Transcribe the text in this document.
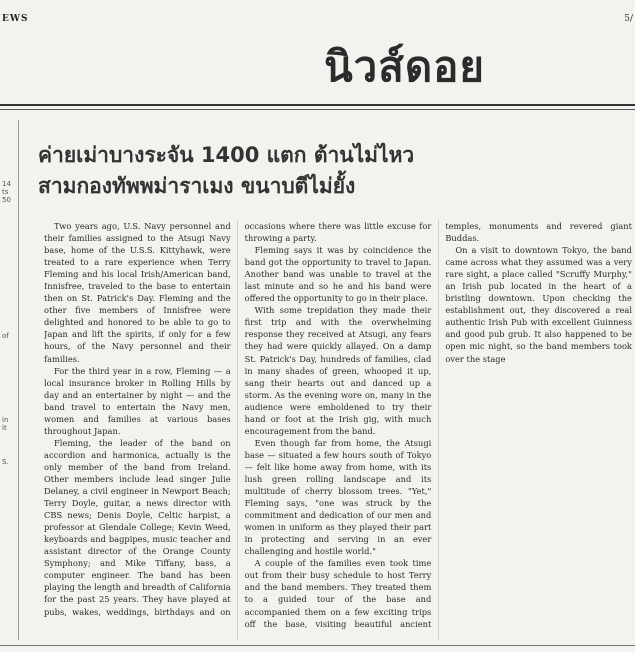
EWS	5/
นิวส์ดอย
14
ts
50
of
in
it
S.
ค่ายเม่าบางระจัน 1400 แตก ต้านไม่ไหว
สามกองทัพพม่าราเมง ขนาบตีไม่ยั้ง

Two years ago, U.S. Navy personnel and their families assigned to the Atsugi Navy base, home of the U.S.S. Kittyhawk, were treated to a rare experience when Terry Fleming and his local Irish/American band, Innisfree, traveled to the base to entertain then on St. Patrick's Day. Fleming and the other five members of Innisfree were delighted and honored to be able to go to Japan and lift the spirits, if only for a few hours, of the Navy personnel and their families.

For the third year in a row, Fleming — a local insurance broker in Rolling Hills by day and an entertainer by night — and the band travel to entertain the Navy men, women and families at various bases throughout Japan.

Fleming, the leader of the band on accordion and harmonica, actually is the only member of the band from Ireland. Other members include lead singer Julie Delaney, a civil engineer in Newport Beach; Terry Doyle, guitar, a news director with CBS news; Denis Doyle, Celtic harpist, a professor at Glendale College; Kevin Weed, keyboards and bagpipes, music teacher and assistant director of the Orange County Symphony; and Mike Tiffany, bass, a computer engineer. The band has been playing the length and breadth of California for the past 25 years. They have played at pubs, wakes, weddings, birthdays and on occasions where there was little excuse for throwing a party.

Fleming says it was by coincidence the band got the opportunity to travel to Japan. Another band was unable to travel at the last minute and so he and his band were offered the opportunity to go in their place.

With some trepidation they made their first trip and with the overwhelming response they received at Atsugi, any fears they had were quickly allayed. On a damp St. Patrick's Day, hundreds of families, clad in many shades of green, whooped it up, sang their hearts out and danced up a storm. As the evening wore on, many in the audience were emboldened to try their hand or foot at the Irish gig, with much encouragement from the band.

Even though far from home, the Atsugi base — situated a few hours south of Tokyo — felt like home away from home, with its lush green rolling landscape and its multitude of cherry blossom trees. "Yet," Fleming says, "one was struck by the commitment and dedication of our men and women in uniform as they played their part in protecting and serving in an ever challenging and hostile world."

A couple of the families even took time out from their busy schedule to host Terry and the band members. They treated them to a guided tour of the base and accompanied them on a few exciting trips off the base, visiting beautiful ancient temples, monuments and revered giant Buddas.

On a visit to downtown Tokyo, the band came across what they assumed was a very rare sight, a place called "Scruffy Murphy," an Irish pub located in the heart of a bristling downtown. Upon checking the establishment out, they discovered a real authentic Irish Pub with excellent Guinness and good pub grub. It also happened to be open mic night, so the band members took over the stage
